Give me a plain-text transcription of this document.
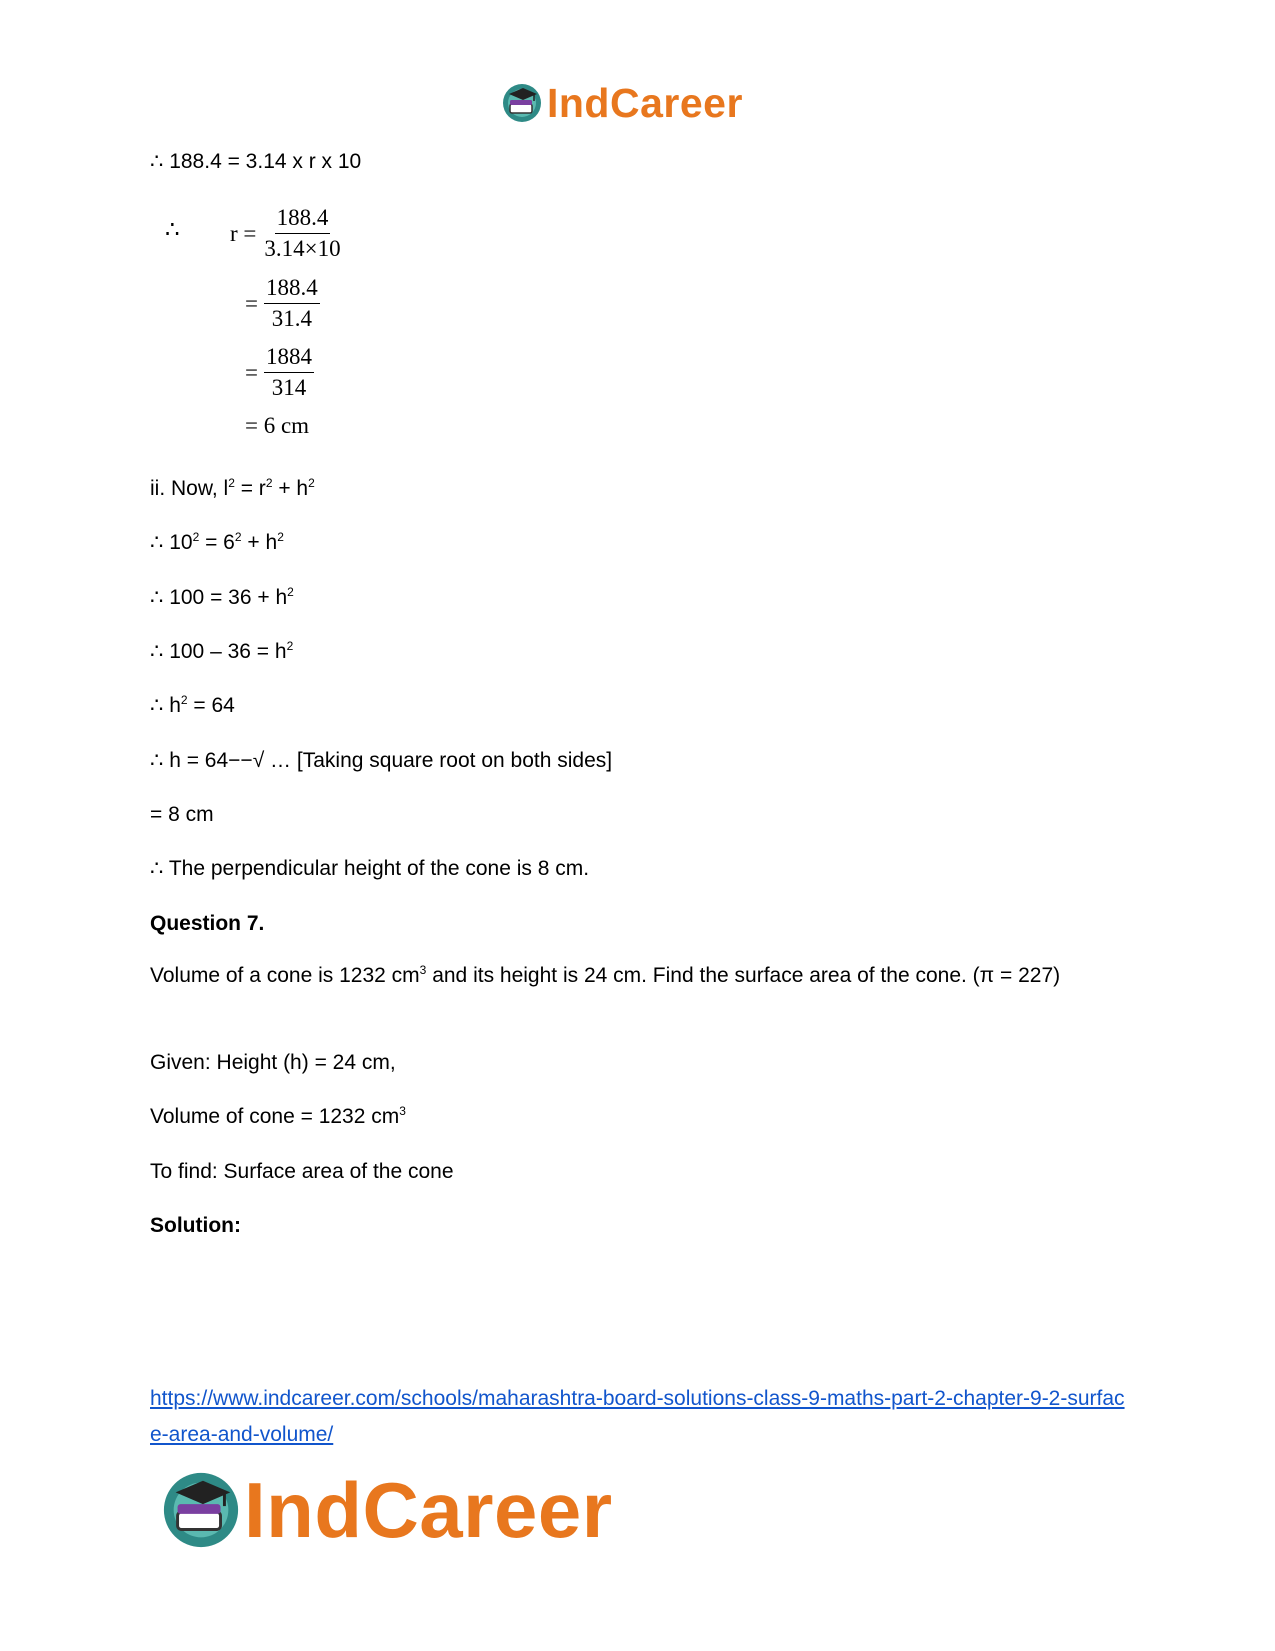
IndCareer
∴ 188.4 = 3.14 x r x 10
ii. Now, $l^2 = r^2 + h^2$
∴ $10^2 = 6^2 + h^2$
∴ $100 = 36 + h^2$
∴ $100 - 36 = h^2$
∴ $h^2 = 64$
∴ h = 64−−√ … [Taking square root on both sides]
= 8 cm
∴ The perpendicular height of the cone is 8 cm.
Question 7.
Volume of a cone is 1232 $cm^3$ and its height is 24 cm. Find the surface area of the cone. (π = 227)
Given: Height (h) = 24 cm,
Volume of cone = 1232 $cm^3$
To find: Surface area of the cone
Solution:
∴ $r = \frac{188.4}{3.14\times 10}$
= $\frac{188.4}{31.4}$
= $\frac{1884}{314}$
= 6 cm
https://www.indcareer.com/schools/maharashtra-board-solutions-class-9-maths-part-2-chapter-9-2-surface-area-and-volume/
IndCareer
